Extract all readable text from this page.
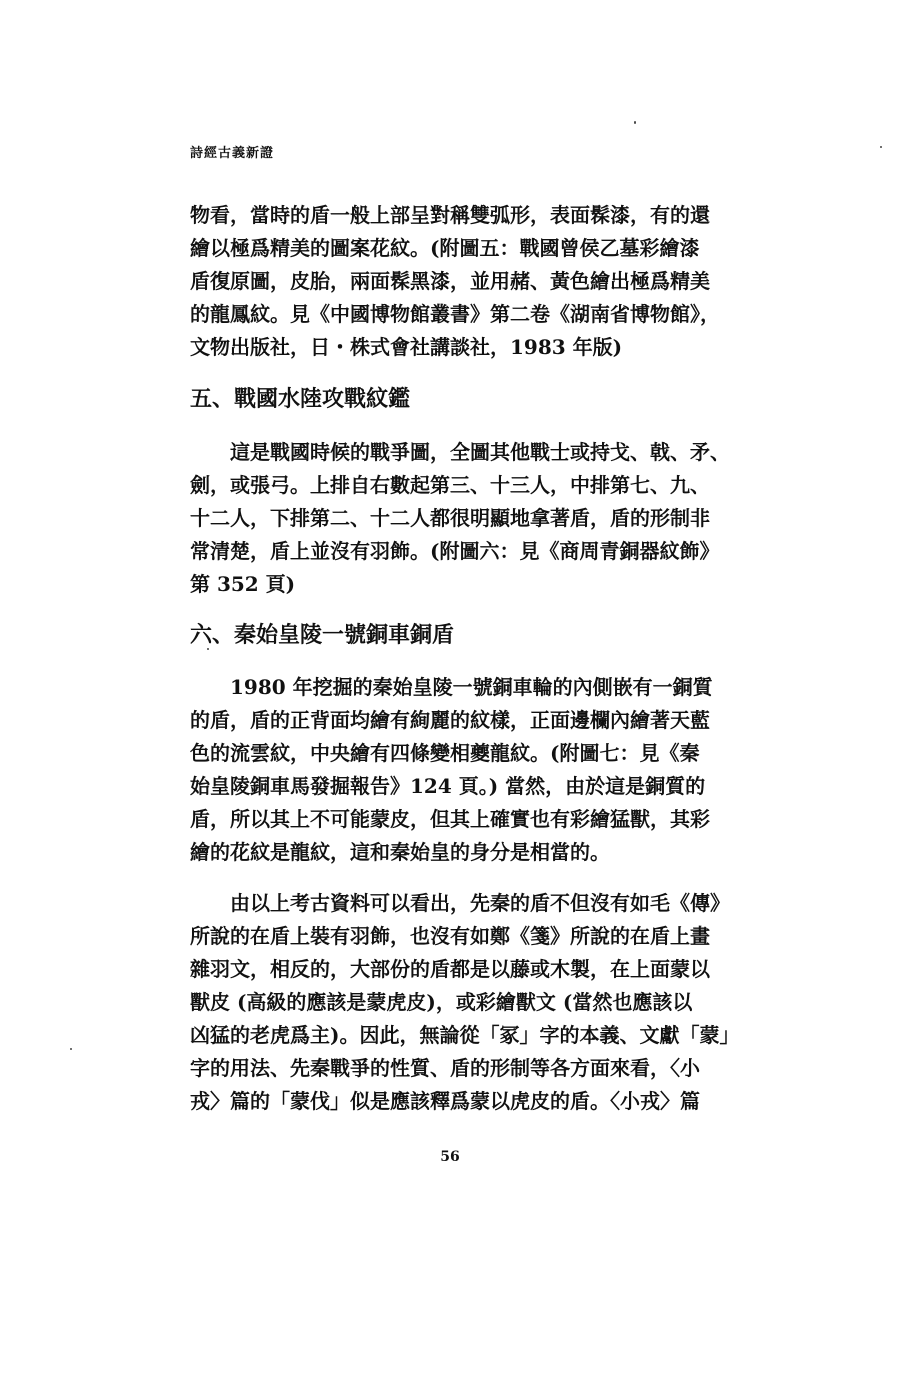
詩經古義新證
物看，當時的盾一般上部呈對稱雙弧形，表面髹漆，有的還
繪以極爲精美的圖案花紋。(附圖五：戰國曾侯乙墓彩繪漆
盾復原圖，皮胎，兩面髹黑漆，並用赭、黃色繪出極爲精美
的龍鳳紋。見《中國博物館叢書》第二卷《湖南省博物館》，
文物出版社，日・株式會社講談社，1983 年版)
五、戰國水陸攻戰紋鑑
這是戰國時候的戰爭圖，全圖其他戰士或持戈、戟、矛、
劍，或張弓。上排自右數起第三、十三人，中排第七、九、
十二人，下排第二、十二人都很明顯地拿著盾，盾的形制非
常清楚，盾上並沒有羽飾。(附圖六：見《商周青銅器紋飾》
第 352 頁)
六、秦始皇陵一號銅車銅盾
1980 年挖掘的秦始皇陵一號銅車輪的內側嵌有一銅質
的盾，盾的正背面均繪有絢麗的紋樣，正面邊欄內繪著天藍
色的流雲紋，中央繪有四條變相夔龍紋。(附圖七：見《秦
始皇陵銅車馬發掘報告》124 頁。) 當然，由於這是銅質的
盾，所以其上不可能蒙皮，但其上確實也有彩繪猛獸，其彩
繪的花紋是龍紋，這和秦始皇的身分是相當的。
由以上考古資料可以看出，先秦的盾不但沒有如毛《傳》
所說的在盾上裝有羽飾，也沒有如鄭《箋》所說的在盾上畫
雜羽文，相反的，大部份的盾都是以藤或木製，在上面蒙以
獸皮 (高級的應該是蒙虎皮)，或彩繪獸文 (當然也應該以
凶猛的老虎爲主)。因此，無論從「冢」字的本義、文獻「蒙」
字的用法、先秦戰爭的性質、盾的形制等各方面來看，〈小
戎〉篇的「蒙伐」似是應該釋爲蒙以虎皮的盾。〈小戎〉篇
56
